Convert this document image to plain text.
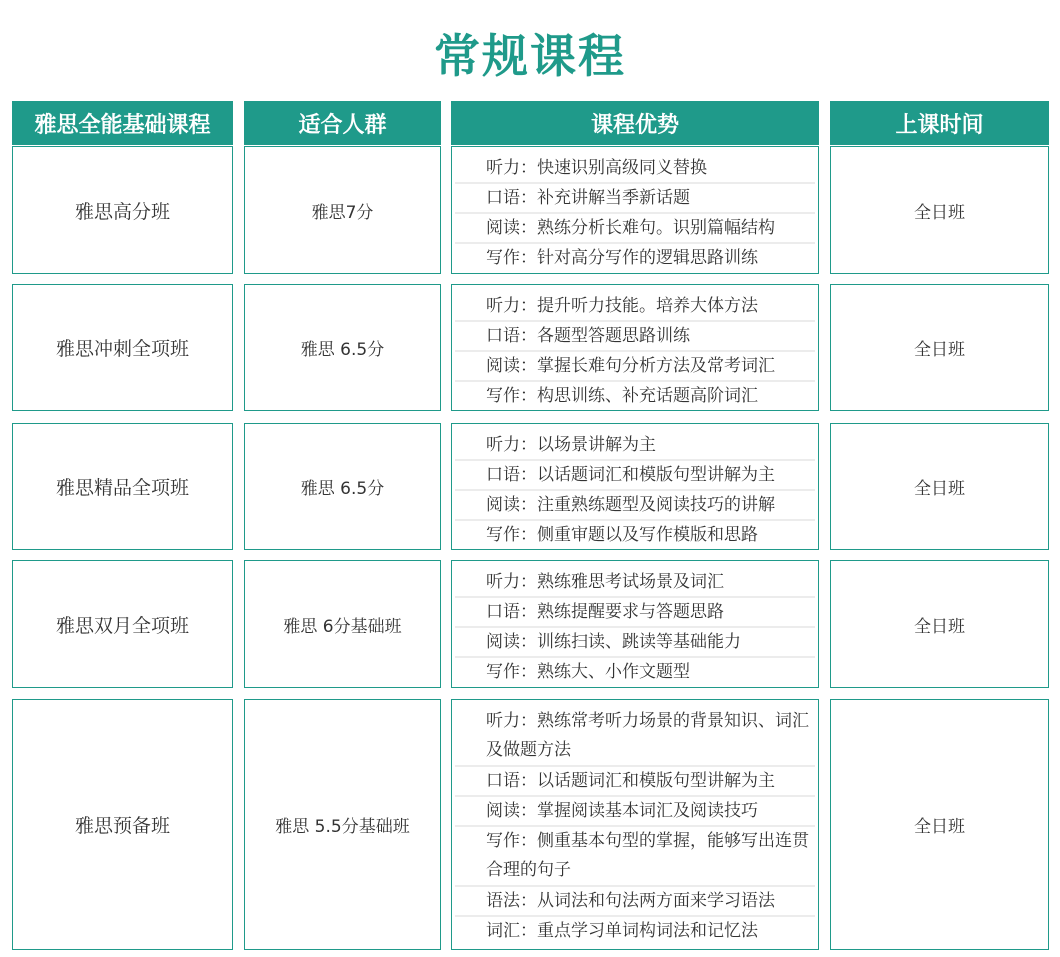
常规课程
雅思全能基础课程	适合人群	课程优势	上课时间
雅思高分班	雅思7分
听力：快速识别高级同义替换
口语：补充讲解当季新话题
阅读：熟练分析长难句。识别篇幅结构
写作：针对高分写作的逻辑思路训练
全日班
雅思冲刺全项班	雅思 6.5分
听力：提升听力技能。培养大体方法
口语：各题型答题思路训练
阅读：掌握长难句分析方法及常考词汇
写作：构思训练、补充话题高阶词汇
全日班
雅思精品全项班	雅思 6.5分
听力：以场景讲解为主
口语：以话题词汇和模版句型讲解为主
阅读：注重熟练题型及阅读技巧的讲解
写作：侧重审题以及写作模版和思路
全日班
雅思双月全项班	雅思 6分基础班
听力：熟练雅思考试场景及词汇
口语：熟练提醒要求与答题思路
阅读：训练扫读、跳读等基础能力
写作：熟练大、小作文题型
全日班
雅思预备班	雅思 5.5分基础班
听力：熟练常考听力场景的背景知识、词汇及做题方法
口语：以话题词汇和模版句型讲解为主
阅读：掌握阅读基本词汇及阅读技巧
写作：侧重基本句型的掌握，能够写出连贯合理的句子
语法：从词法和句法两方面来学习语法
词汇：重点学习单词构词法和记忆法
全日班
